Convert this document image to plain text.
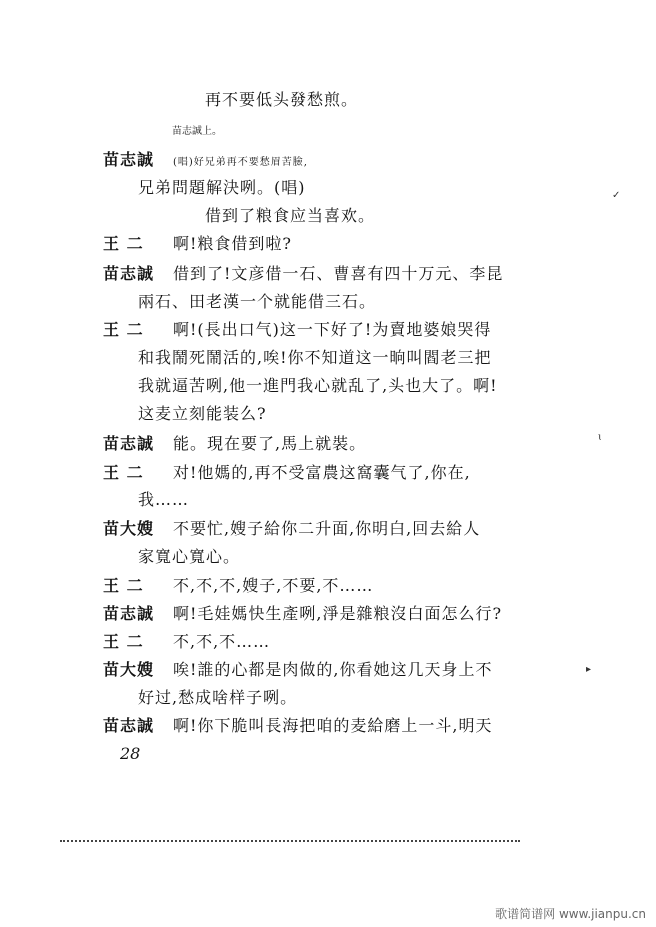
再不要低头發愁煎。
苗志誠上。
苗志誠 (唱)好兄弟再不要愁眉苦臉,
兄弟問題解決咧。(唱)
借到了粮食应当喜欢。
王 二 啊!粮食借到啦?
苗志誠 借到了!文彦借一石、曹喜有四十万元、李昆
兩石、田老漢一个就能借三石。
王 二 啊!(長出口气)这一下好了!为賣地婆娘哭得
和我鬧死鬧活的,唉!你不知道这一晌叫閻老三把
我就逼苦咧,他一進門我心就乱了,头也大了。啊!
这麦立刻能装么?
苗志誠 能。現在要了,馬上就裝。
王 二 对!他媽的,再不受富農这窩囊气了,你在,
我……
苗大嫂 不要忙,嫂子給你二升面,你明白,回去給人
家寬心寬心。
王 二 不,不,不,嫂子,不要,不……
苗志誠 啊!毛娃媽快生產咧,淨是雜粮沒白面怎么行?
王 二 不,不,不……
苗大嫂 唉!誰的心都是肉做的,你看她这几天身上不
好过,愁成啥样子咧。
苗志誠 啊!你下脆叫長海把咱的麦給磨上一斗,明天
28
✓
ɩ
▸
歌谱简谱网 www.jianpu.cn
